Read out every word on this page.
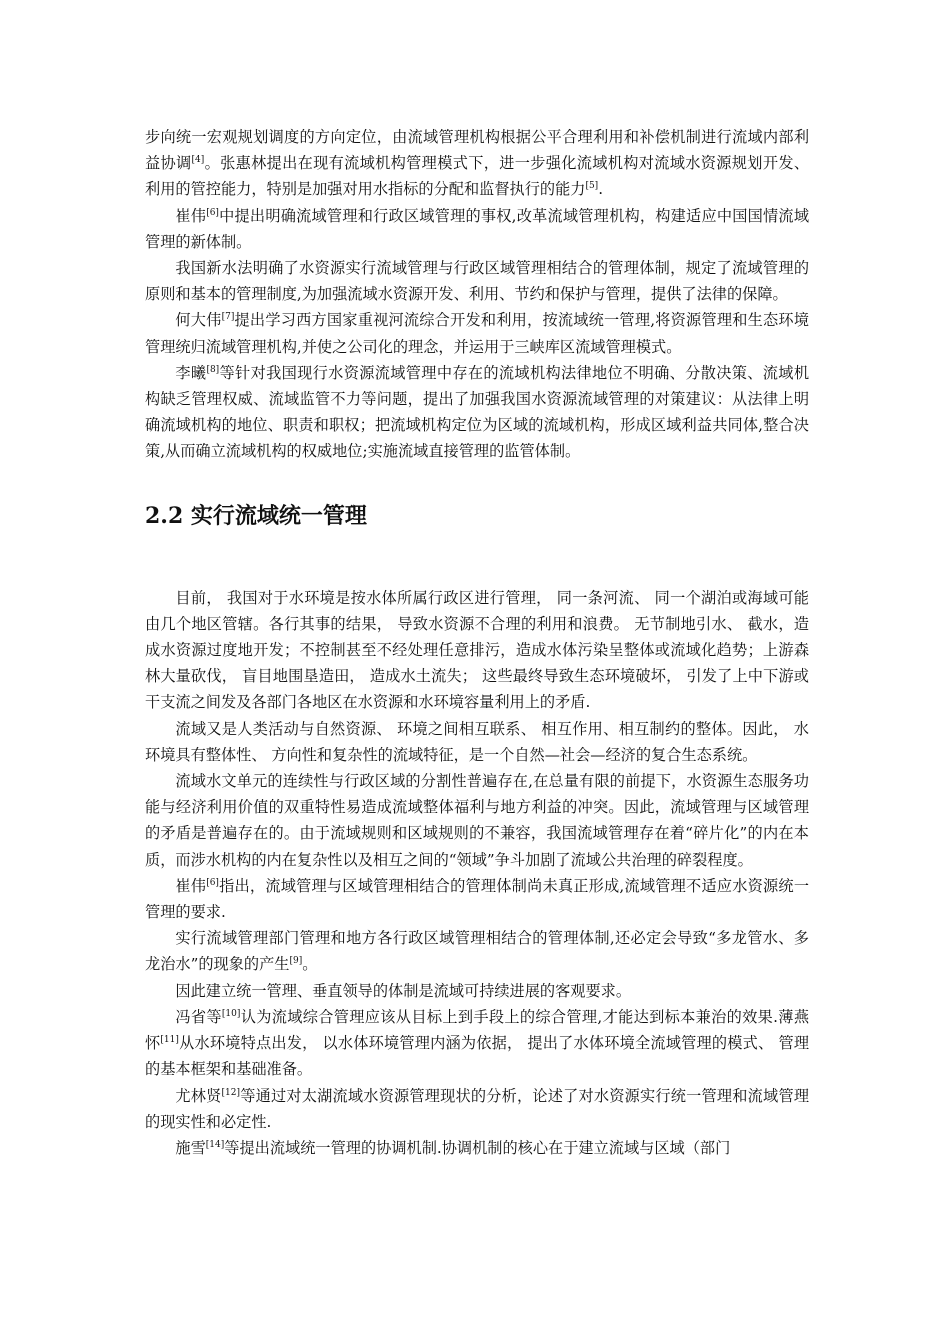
步向统一宏观规划调度的方向定位，由流域管理机构根据公平合理利用和补偿机制进行流域内部利益协调[4]。张惠林提出在现有流域机构管理模式下，进一步强化流域机构对流域水资源规划开发、利用的管控能力，特别是加强对用水指标的分配和监督执行的能力[5].

崔伟[6]中提出明确流域管理和行政区域管理的事权,改革流域管理机构，构建适应中国国情流域管理的新体制。

我国新水法明确了水资源实行流域管理与行政区域管理相结合的管理体制，规定了流域管理的原则和基本的管理制度,为加强流域水资源开发、利用、节约和保护与管理，提供了法律的保障。

何大伟[7]提出学习西方国家重视河流综合开发和利用，按流域统一管理,将资源管理和生态环境管理统归流域管理机构,并使之公司化的理念，并运用于三峡库区流域管理模式。

李曦[8]等针对我国现行水资源流域管理中存在的流域机构法律地位不明确、分散决策、流域机构缺乏管理权威、流域监管不力等问题，提出了加强我国水资源流域管理的对策建议：从法律上明确流域机构的地位、职责和职权；把流域机构定位为区域的流域机构，形成区域利益共同体,整合决策,从而确立流域机构的权威地位;实施流域直接管理的监管体制。

2.2 实行流域统一管理

目前， 我国对于水环境是按水体所属行政区进行管理， 同一条河流、 同一个湖泊或海域可能由几个地区管辖。各行其事的结果， 导致水资源不合理的利用和浪费。 无节制地引水、 截水，造成水资源过度地开发；不控制甚至不经处理任意排污，造成水体污染呈整体或流域化趋势；上游森林大量砍伐， 盲目地围垦造田， 造成水土流失； 这些最终导致生态环境破坏， 引发了上中下游或干支流之间发及各部门各地区在水资源和水环境容量利用上的矛盾.

流域又是人类活动与自然资源、 环境之间相互联系、 相互作用、相互制约的整体。因此， 水环境具有整体性、 方向性和复杂性的流域特征，是一个自然—社会—经济的复合生态系统。

流域水文单元的连续性与行政区域的分割性普遍存在,在总量有限的前提下，水资源生态服务功能与经济利用价值的双重特性易造成流域整体福利与地方利益的冲突。因此，流域管理与区域管理的矛盾是普遍存在的。由于流域规则和区域规则的不兼容，我国流域管理存在着“碎片化”的内在本质，而涉水机构的内在复杂性以及相互之间的“领域”争斗加剧了流域公共治理的碎裂程度。

崔伟[6]指出，流域管理与区域管理相结合的管理体制尚未真正形成,流域管理不适应水资源统一管理的要求.

实行流域管理部门管理和地方各行政区域管理相结合的管理体制,还必定会导致“多龙管水、多龙治水”的现象的产生[9]。

因此建立统一管理、垂直领导的体制是流域可持续进展的客观要求。

冯省等[10]认为流域综合管理应该从目标上到手段上的综合管理,才能达到标本兼治的效果.薄燕怀[11]从水环境特点出发， 以水体环境管理内涵为依据， 提出了水体环境全流域管理的模式、 管理的基本框架和基础准备。

尤林贤[12]等通过对太湖流域水资源管理现状的分析，论述了对水资源实行统一管理和流域管理的现实性和必定性.

施雪[14]等提出流域统一管理的协调机制.协调机制的核心在于建立流域与区域（部门
